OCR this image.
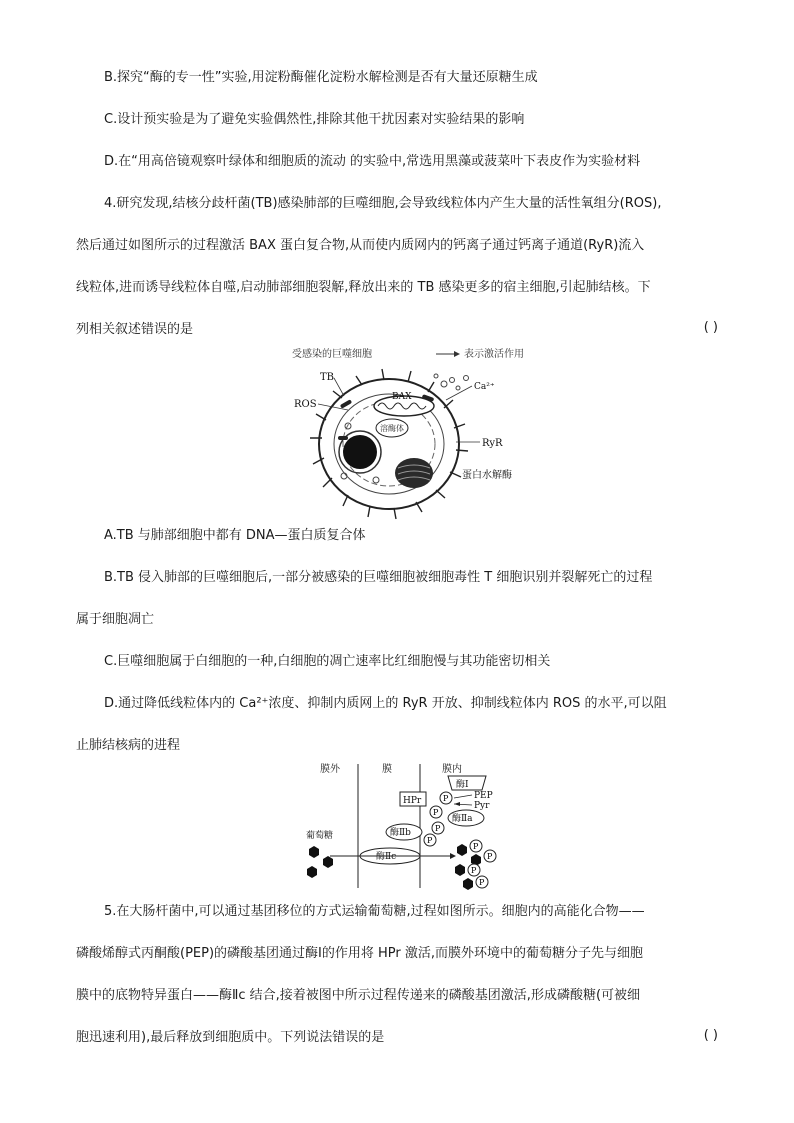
B.探究“酶的专一性”实验,用淀粉酶催化淀粉水解检测是否有大量还原糖生成
C.设计预实验是为了避免实验偶然性,排除其他干扰因素对实验结果的影响
D.在“用高倍镜观察叶绿体和细胞质的流动 的实验中,常选用黑藻或菠菜叶下表皮作为实验材料
4.研究发现,结核分歧杆菌(TB)感染肺部的巨噬细胞,会导致线粒体内产生大量的活性氧组分(ROS),
然后通过如图所示的过程激活 BAX 蛋白复合物,从而使内质网内的钙离子通过钙离子通道(RyR)流入
线粒体,进而诱导线粒体自噬,启动肺部细胞裂解,释放出来的 TB 感染更多的宿主细胞,引起肺结核。下
列相关叙述错误的是	( )
受感染的巨噬细胞	表示激活作用
溶酶体
TB
ROS
BAX
Ca²⁺
RyR
蛋白水解酶
A.TB 与肺部细胞中都有 DNA—蛋白质复合体
B.TB 侵入肺部的巨噬细胞后,一部分被感染的巨噬细胞被细胞毒性 T 细胞识别并裂解死亡的过程
属于细胞凋亡
C.巨噬细胞属于白细胞的一种,白细胞的凋亡速率比红细胞慢与其功能密切相关
D.通过降低线粒体内的 Ca²⁺浓度、抑制内质网上的 RyR 开放、抑制线粒体内 ROS 的水平,可以阻
止肺结核病的进程
膜外	膜	膜内
酶Ⅰ
P	PEP
Pyr
HPr
P
酶Ⅱa
P
酶Ⅱb
P
酶Ⅱc
葡萄糖
P
P
P
P
5.在大肠杆菌中,可以通过基团移位的方式运输葡萄糖,过程如图所示。细胞内的高能化合物——
磷酸烯醇式丙酮酸(PEP)的磷酸基团通过酶Ⅰ的作用将 HPr 激活,而膜外环境中的葡萄糖分子先与细胞
膜中的底物特异蛋白——酶Ⅱc 结合,接着被图中所示过程传递来的磷酸基团激活,形成磷酸糖(可被细
胞迅速利用),最后释放到细胞质中。下列说法错误的是	( )
